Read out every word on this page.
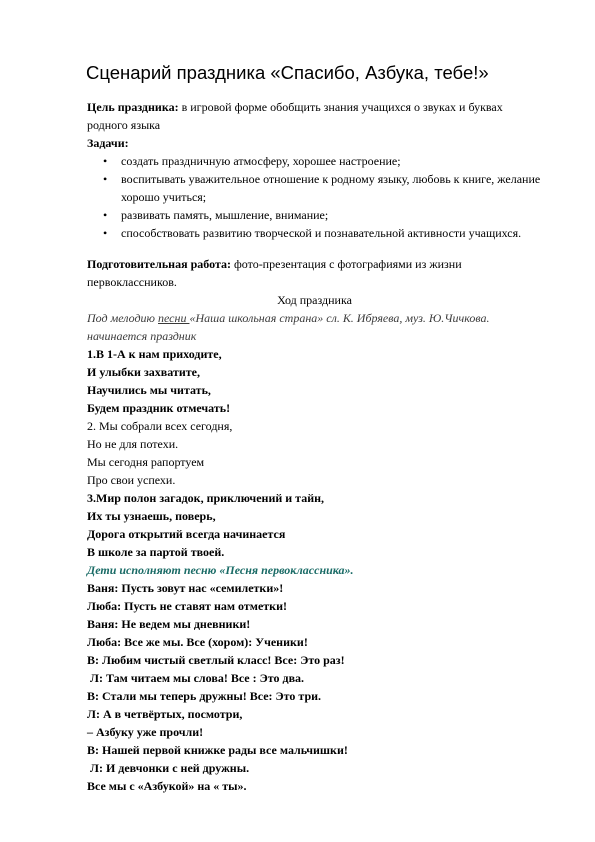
Сценарий праздника «Спасибо, Азбука, тебе!»

Цель праздника: в игровой форме обобщить знания учащихся о звуках и буквах родного языка

Задачи:

• создать праздничную атмосферу, хорошее настроение;
• воспитывать уважительное отношение к родному языку, любовь к книге, желание хорошо учиться;
• развивать память, мышление, внимание;
• способствовать развитию творческой и познавательной активности учащихся.

Подготовительная работа: фото-презентация с фотографиями из жизни первоклассников.

Ход праздника

Под мелодию песни «Наша школьная страна» сл. К. Ибряева, муз. Ю.Чичкова. начинается праздник

1.В 1-А к нам приходите,

И улыбки захватите,

Научились мы читать,

Будем праздник отмечать!

2. Мы собрали всех сегодня,

Но не для потехи.

Мы сегодня рапортуем

Про свои успехи.

3.Мир полон загадок, приключений и тайн,

Их ты узнаешь, поверь,

Дорога открытий всегда начинается

В школе за партой твоей.

Дети исполняют песню «Песня первоклассника».

Ваня: Пусть зовут нас «семилетки»!

Люба: Пусть не ставят нам отметки!

Ваня: Не ведем мы дневники!

Люба: Все же мы. Все (хором): Ученики!

В: Любим чистый светлый класс! Все: Это раз!

Л: Там читаем мы слова! Все : Это два.

В: Стали мы теперь дружны! Все: Это три.

Л: А в четвёртых, посмотри,

– Азбуку уже прочли!

В: Нашей первой книжке рады все мальчишки!

Л: И девчонки с ней дружны.

Все мы с «Азбукой» на « ты».
